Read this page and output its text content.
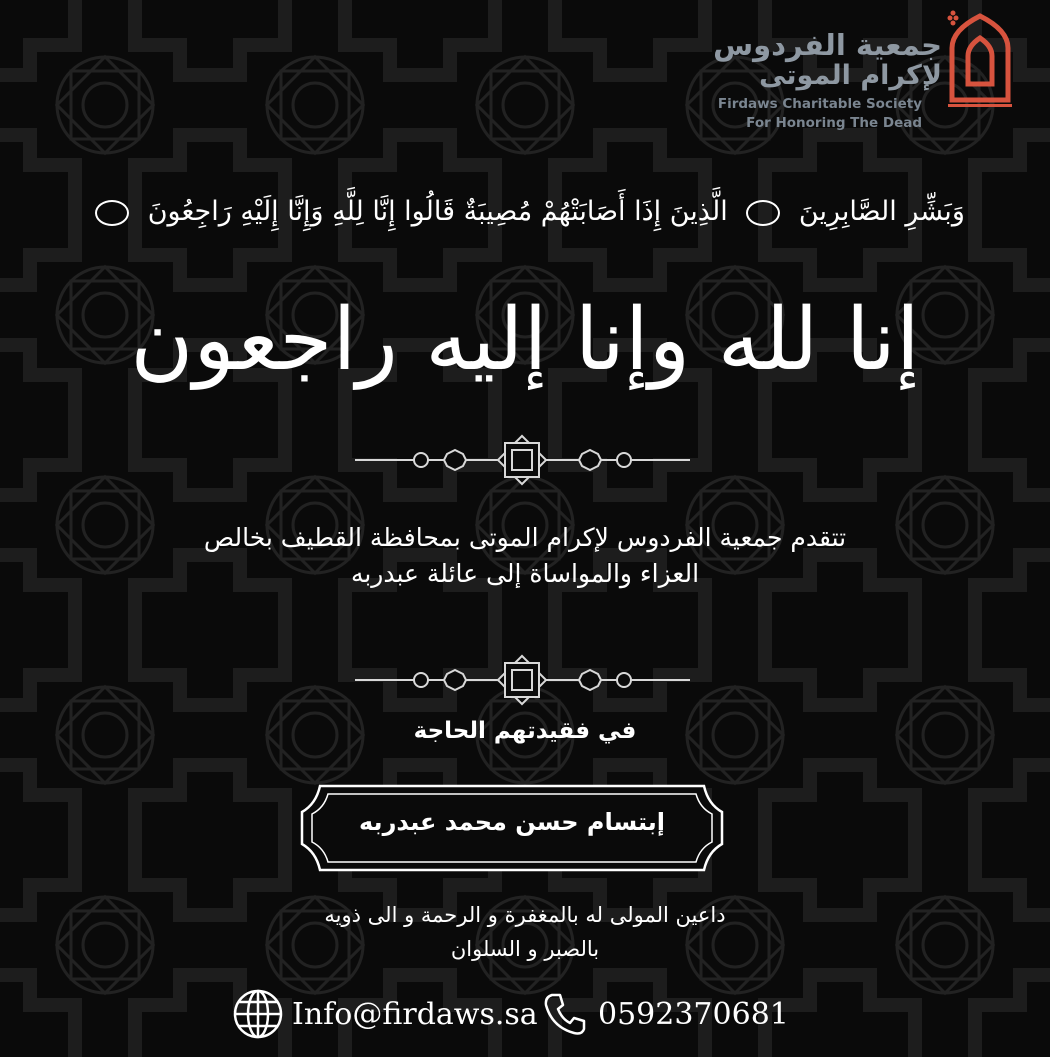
جمعية الفردوس
لإكرام الموتى
Firdaws Charitable Society
For Honoring The Dead
وَبَشِّرِ الصَّابِرِينَ  الَّذِينَ إِذَا أَصَابَتْهُمْ مُصِيبَةٌ قَالُوا إِنَّا لِلَّهِ وَإِنَّا إِلَيْهِ رَاجِعُونَ
إنا لله وإنا إليه راجعون
تتقدم جمعية الفردوس لإكرام الموتى بمحافظة القطيف بخالص
العزاء والمواساة إلى عائلة عبدربه
في فقيدتهم الحاجة
إبتسام حسن محمد عبدربه
داعين المولى له بالمغفرة و الرحمة و الى ذويه
بالصبر و السلوان
Info@firdaws.sa 0592370681
